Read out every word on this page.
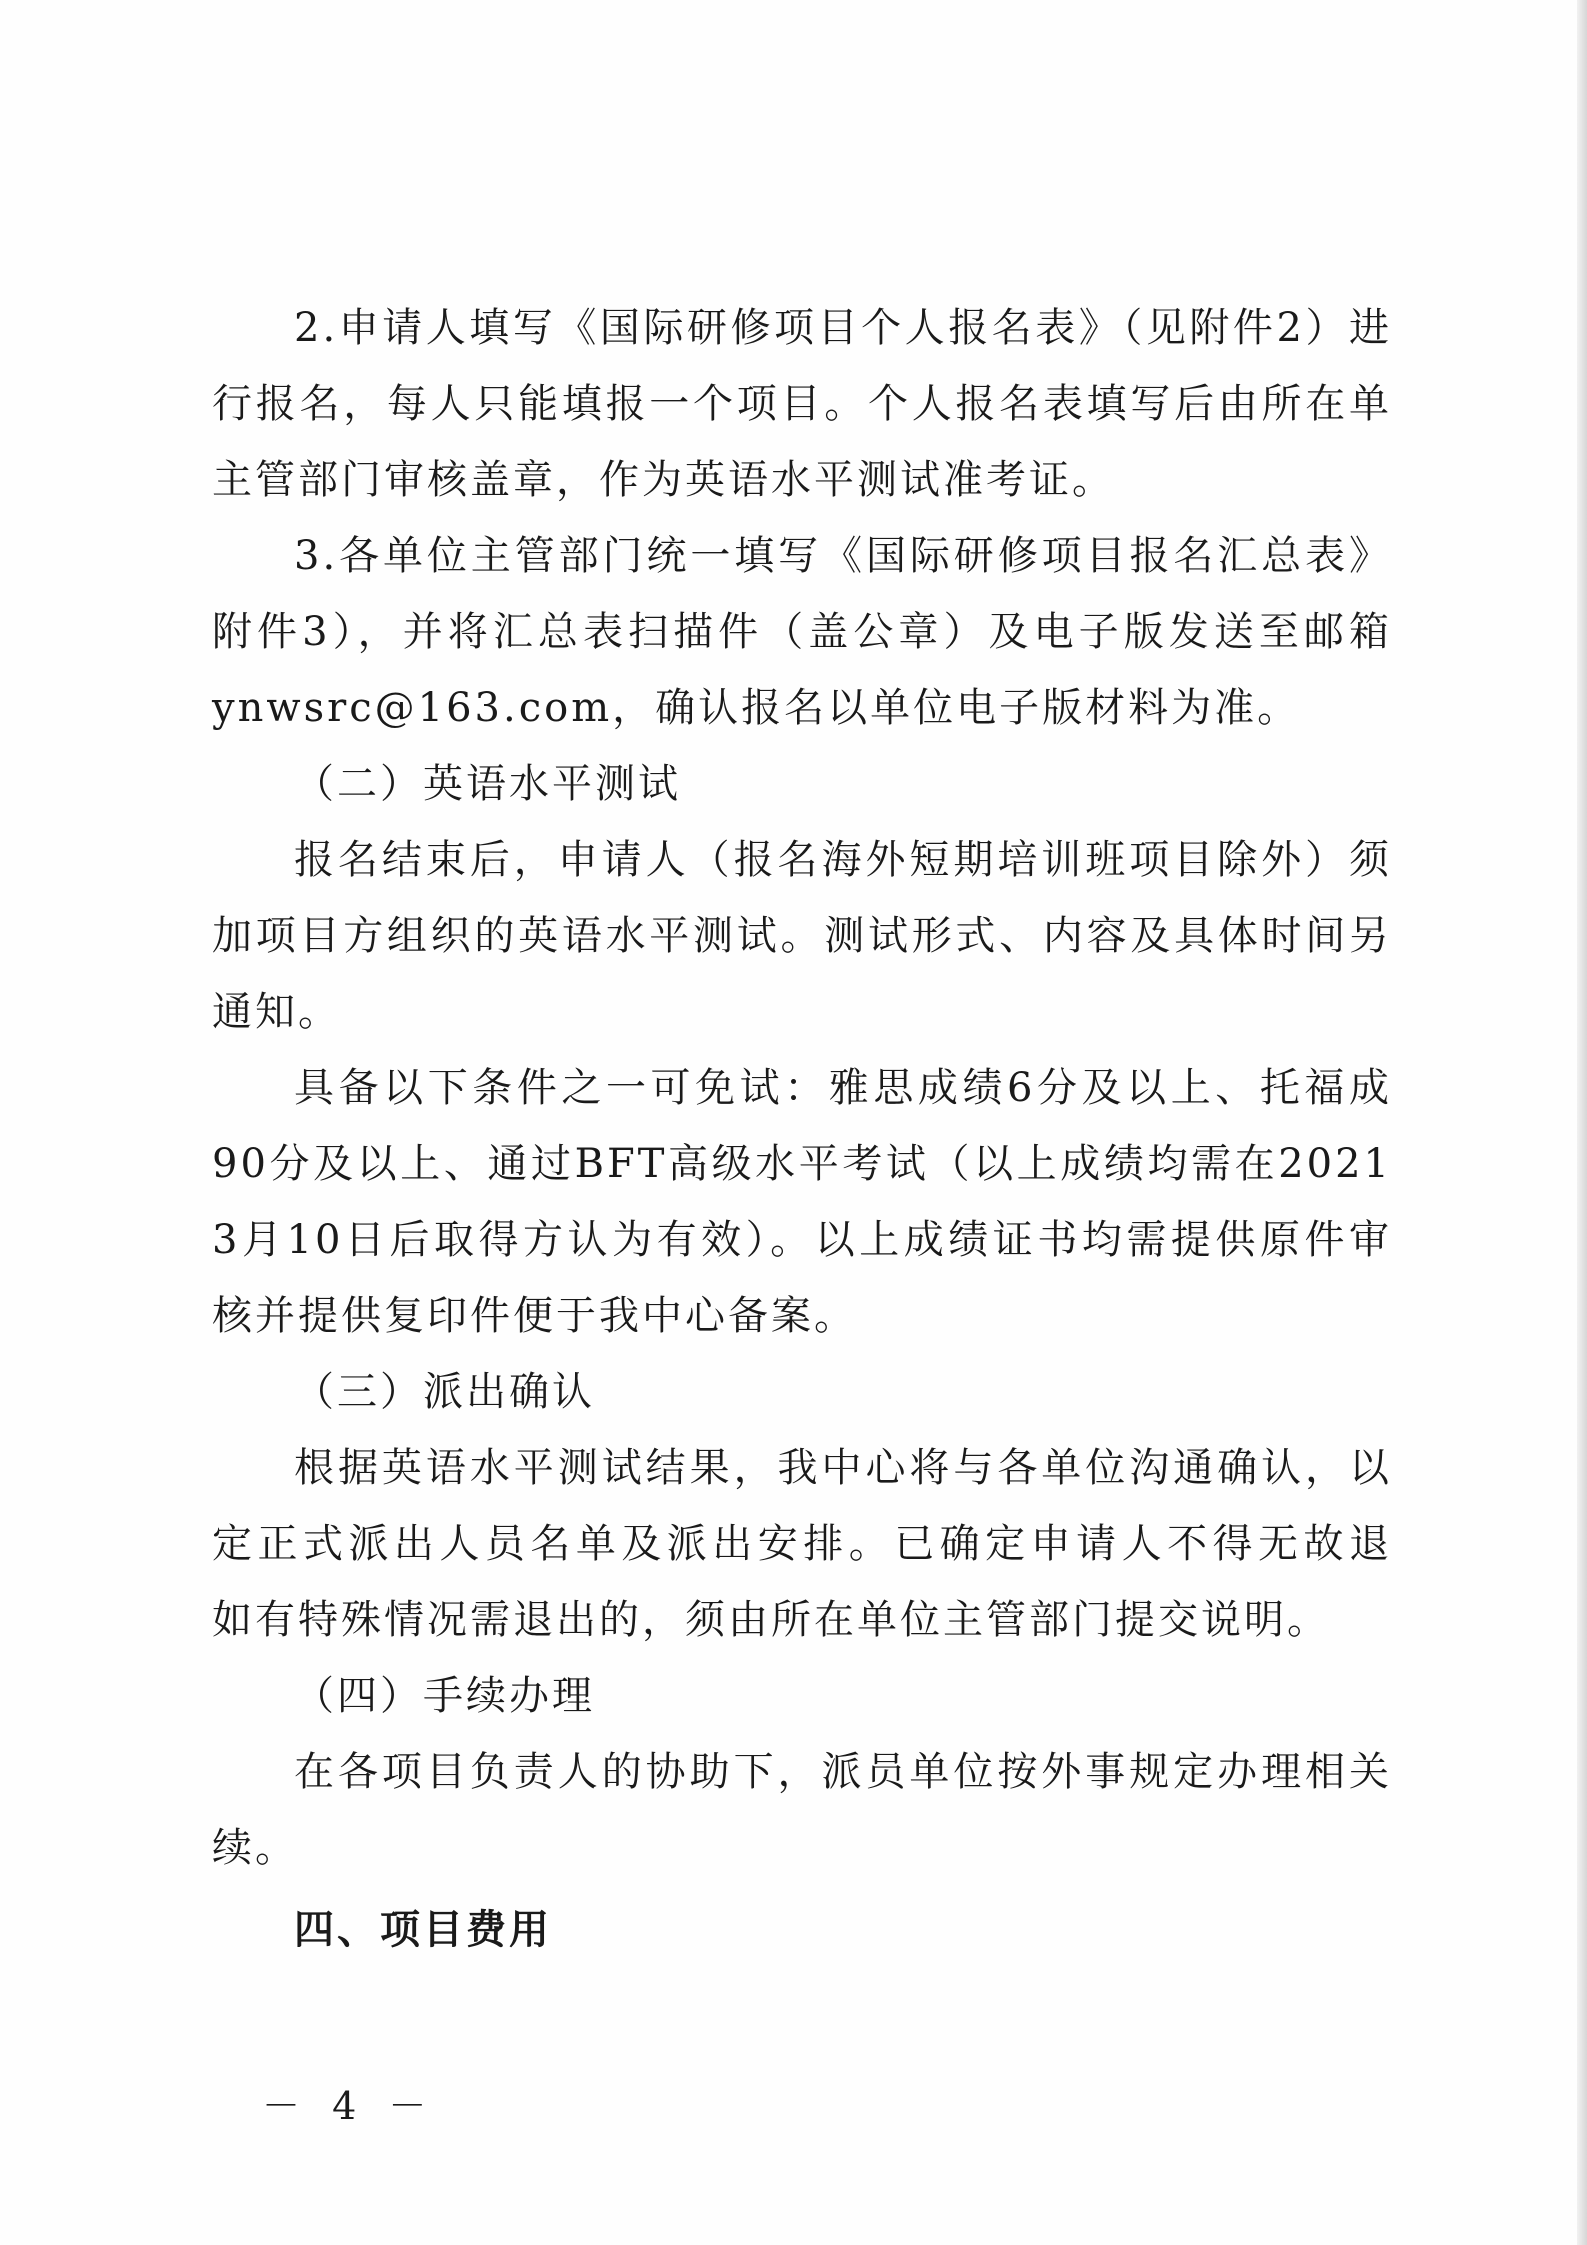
2.申请人填写《国际研修项目个人报名表》（见附件2）进
行报名，每人只能填报一个项目。个人报名表填写后由所在单
主管部门审核盖章，作为英语水平测试准考证。
3.各单位主管部门统一填写《国际研修项目报名汇总表》
附件3），并将汇总表扫描件（盖公章）及电子版发送至邮箱
ynwsrc@163.com，确认报名以单位电子版材料为准。
（二）英语水平测试
报名结束后，申请人（报名海外短期培训班项目除外）须
加项目方组织的英语水平测试。测试形式、内容及具体时间另
通知。
具备以下条件之一可免试：雅思成绩6分及以上、托福成
90分及以上、通过BFT高级水平考试（以上成绩均需在2021
3月10日后取得方认为有效）。以上成绩证书均需提供原件审
核并提供复印件便于我中心备案。
（三）派出确认
根据英语水平测试结果，我中心将与各单位沟通确认，以
定正式派出人员名单及派出安排。已确定申请人不得无故退
如有特殊情况需退出的，须由所在单位主管部门提交说明。
（四）手续办理
在各项目负责人的协助下，派员单位按外事规定办理相关
续。
四、项目费用
－ 4 －
